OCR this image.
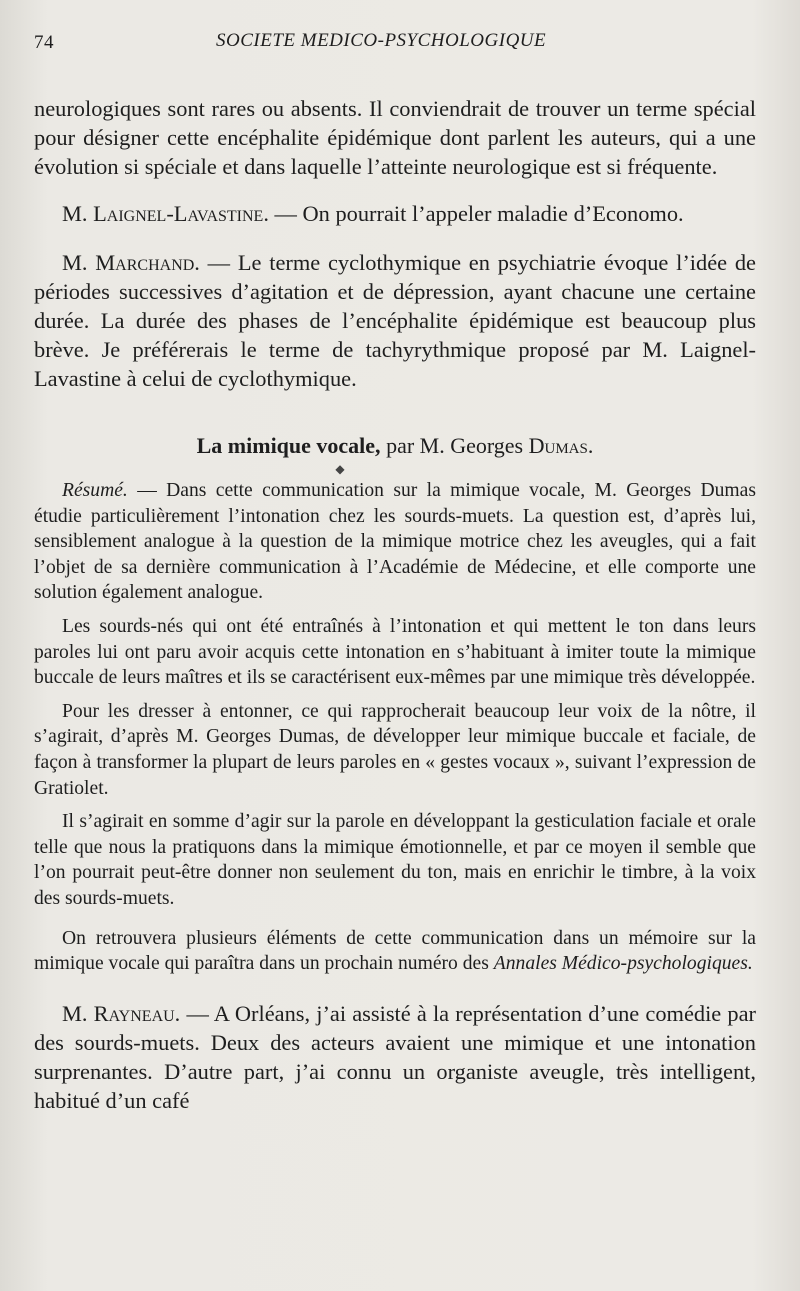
74	SOCIETE MEDICO-PSYCHOLOGIQUE

neurologiques sont rares ou absents. Il conviendrait de trouver un terme spécial pour désigner cette encéphalite épidémique dont parlent les auteurs, qui a une évolution si spéciale et dans laquelle l’atteinte neurologique est si fréquente.

M. Laignel-Lavastine. — On pourrait l’appeler maladie d’Economo.

M. Marchand. — Le terme cyclothymique en psychiatrie évoque l’idée de périodes successives d’agitation et de dépression, ayant chacune une certaine durée. La durée des phases de l’encéphalite épidémique est beaucoup plus brève. Je préférerais le terme de tachyrythmique proposé par M. Laignel-Lavastine à celui de cyclothymique.

La mimique vocale, par M. Georges Dumas.

◆

Résumé. — Dans cette communication sur la mimique vocale, M. Georges Dumas étudie particulièrement l’intonation chez les sourds-muets. La question est, d’après lui, sensiblement analogue à la question de la mimique motrice chez les aveugles, qui a fait l’objet de sa dernière communication à l’Académie de Médecine, et elle comporte une solution également analogue.

Les sourds-nés qui ont été entraînés à l’intonation et qui mettent le ton dans leurs paroles lui ont paru avoir acquis cette intonation en s’habituant à imiter toute la mimique buccale de leurs maîtres et ils se caractérisent eux-mêmes par une mimique très développée.

Pour les dresser à entonner, ce qui rapprocherait beaucoup leur voix de la nôtre, il s’agirait, d’après M. Georges Dumas, de développer leur mimique buccale et faciale, de façon à transformer la plupart de leurs paroles en « gestes vocaux », suivant l’expression de Gratiolet.

Il s’agirait en somme d’agir sur la parole en développant la gesticulation faciale et orale telle que nous la pratiquons dans la mimique émotionnelle, et par ce moyen il semble que l’on pourrait peut-être donner non seulement du ton, mais en enrichir le timbre, à la voix des sourds-muets.

On retrouvera plusieurs éléments de cette communication dans un mémoire sur la mimique vocale qui paraîtra dans un prochain numéro des Annales Médico-psychologiques.

M. Rayneau. — A Orléans, j’ai assisté à la représentation d’une comédie par des sourds-muets. Deux des acteurs avaient une mimique et une intonation surprenantes. D’autre part, j’ai connu un organiste aveugle, très intelligent, habitué d’un café
